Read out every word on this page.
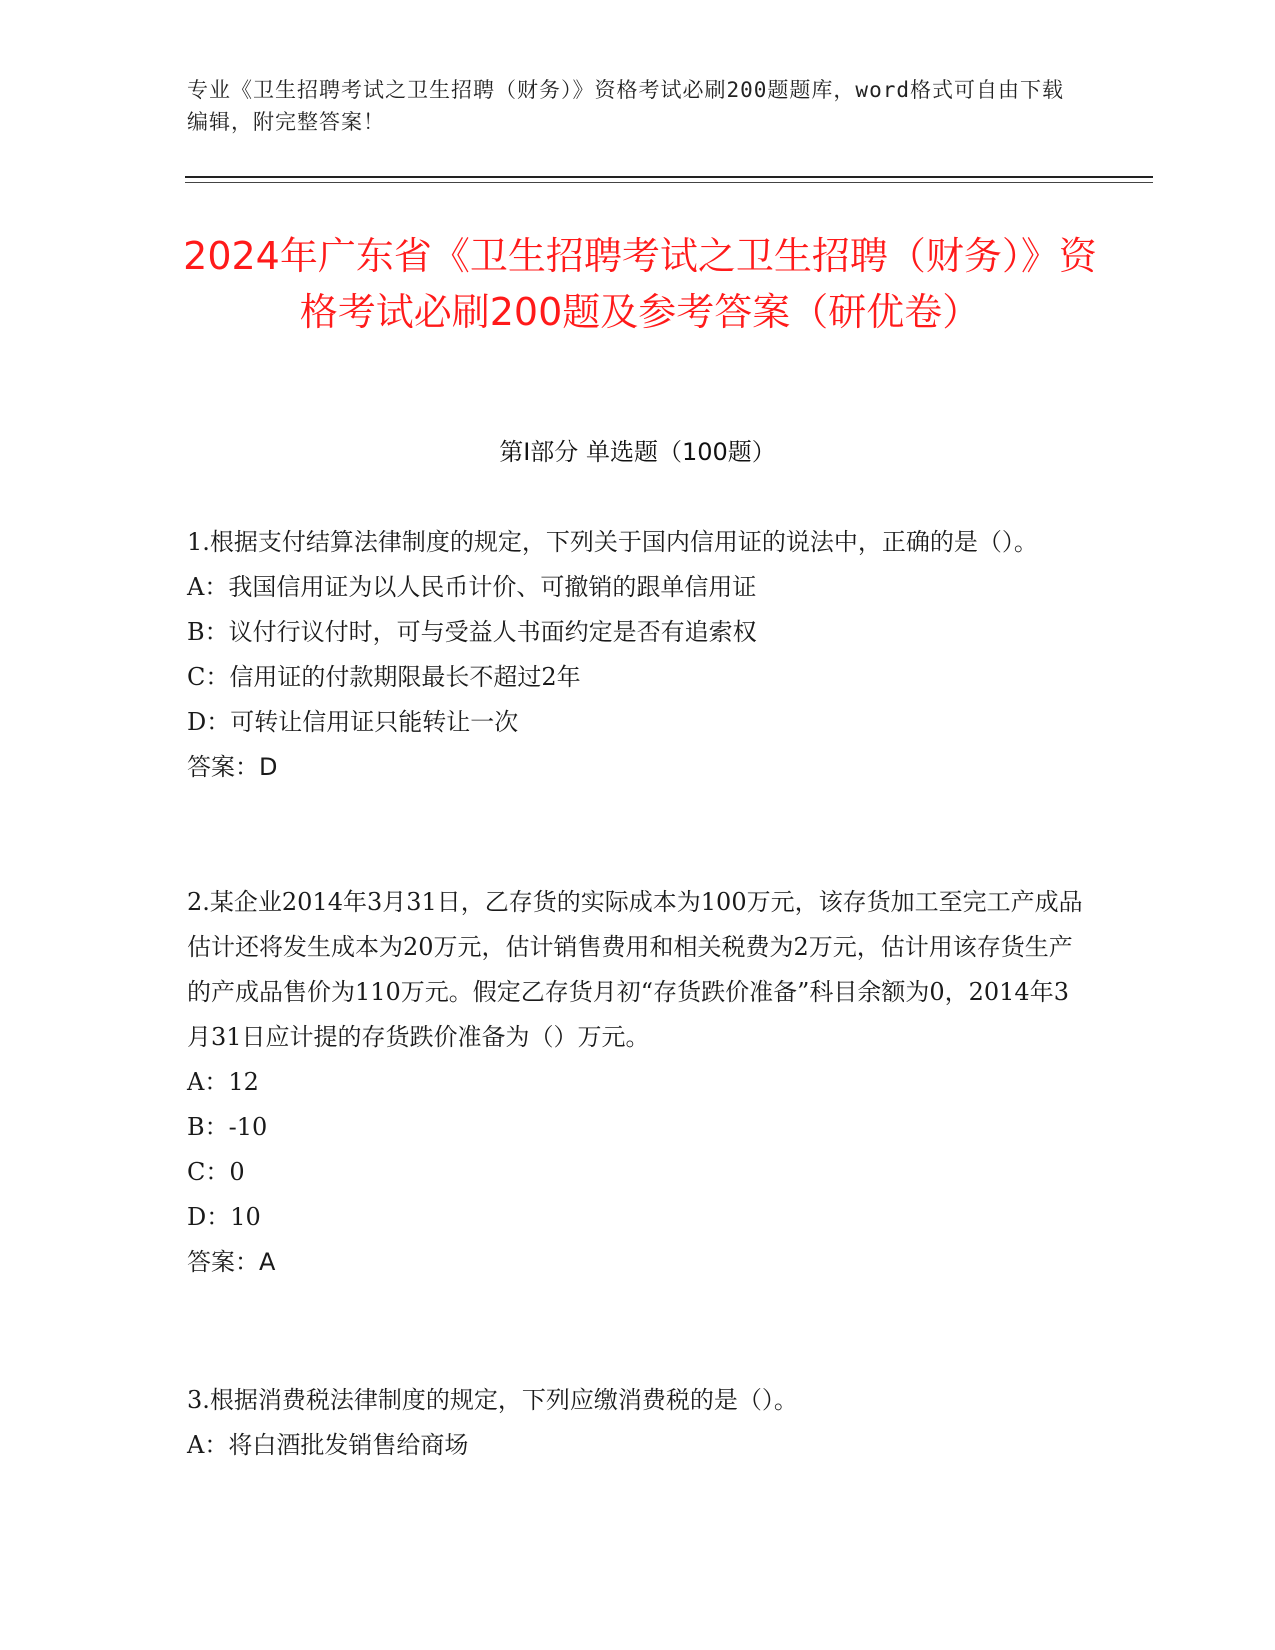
专业《卫生招聘考试之卫生招聘（财务）》资格考试必刷200题题库，word格式可自由下载编辑，附完整答案！
2024年广东省《卫生招聘考试之卫生招聘（财务）》资格考试必刷200题及参考答案（研优卷）
第Ⅰ部分 单选题（100题）

1.根据支付结算法律制度的规定，下列关于国内信用证的说法中，正确的是（）。

A：我国信用证为以人民币计价、可撤销的跟单信用证

B：议付行议付时，可与受益人书面约定是否有追索权

C：信用证的付款期限最长不超过2年

D：可转让信用证只能转让一次

答案：D

2.某企业2014年3月31日，乙存货的实际成本为100万元，该存货加工至完工产成品估计还将发生成本为20万元，估计销售费用和相关税费为2万元，估计用该存货生产的产成品售价为110万元。假定乙存货月初“存货跌价准备”科目余额为0，2014年3月31日应计提的存货跌价准备为（）万元。

A：12

B：-10

C：0

D：10

答案：A

3.根据消费税法律制度的规定，下列应缴消费税的是（）。

A：将白酒批发销售给商场
